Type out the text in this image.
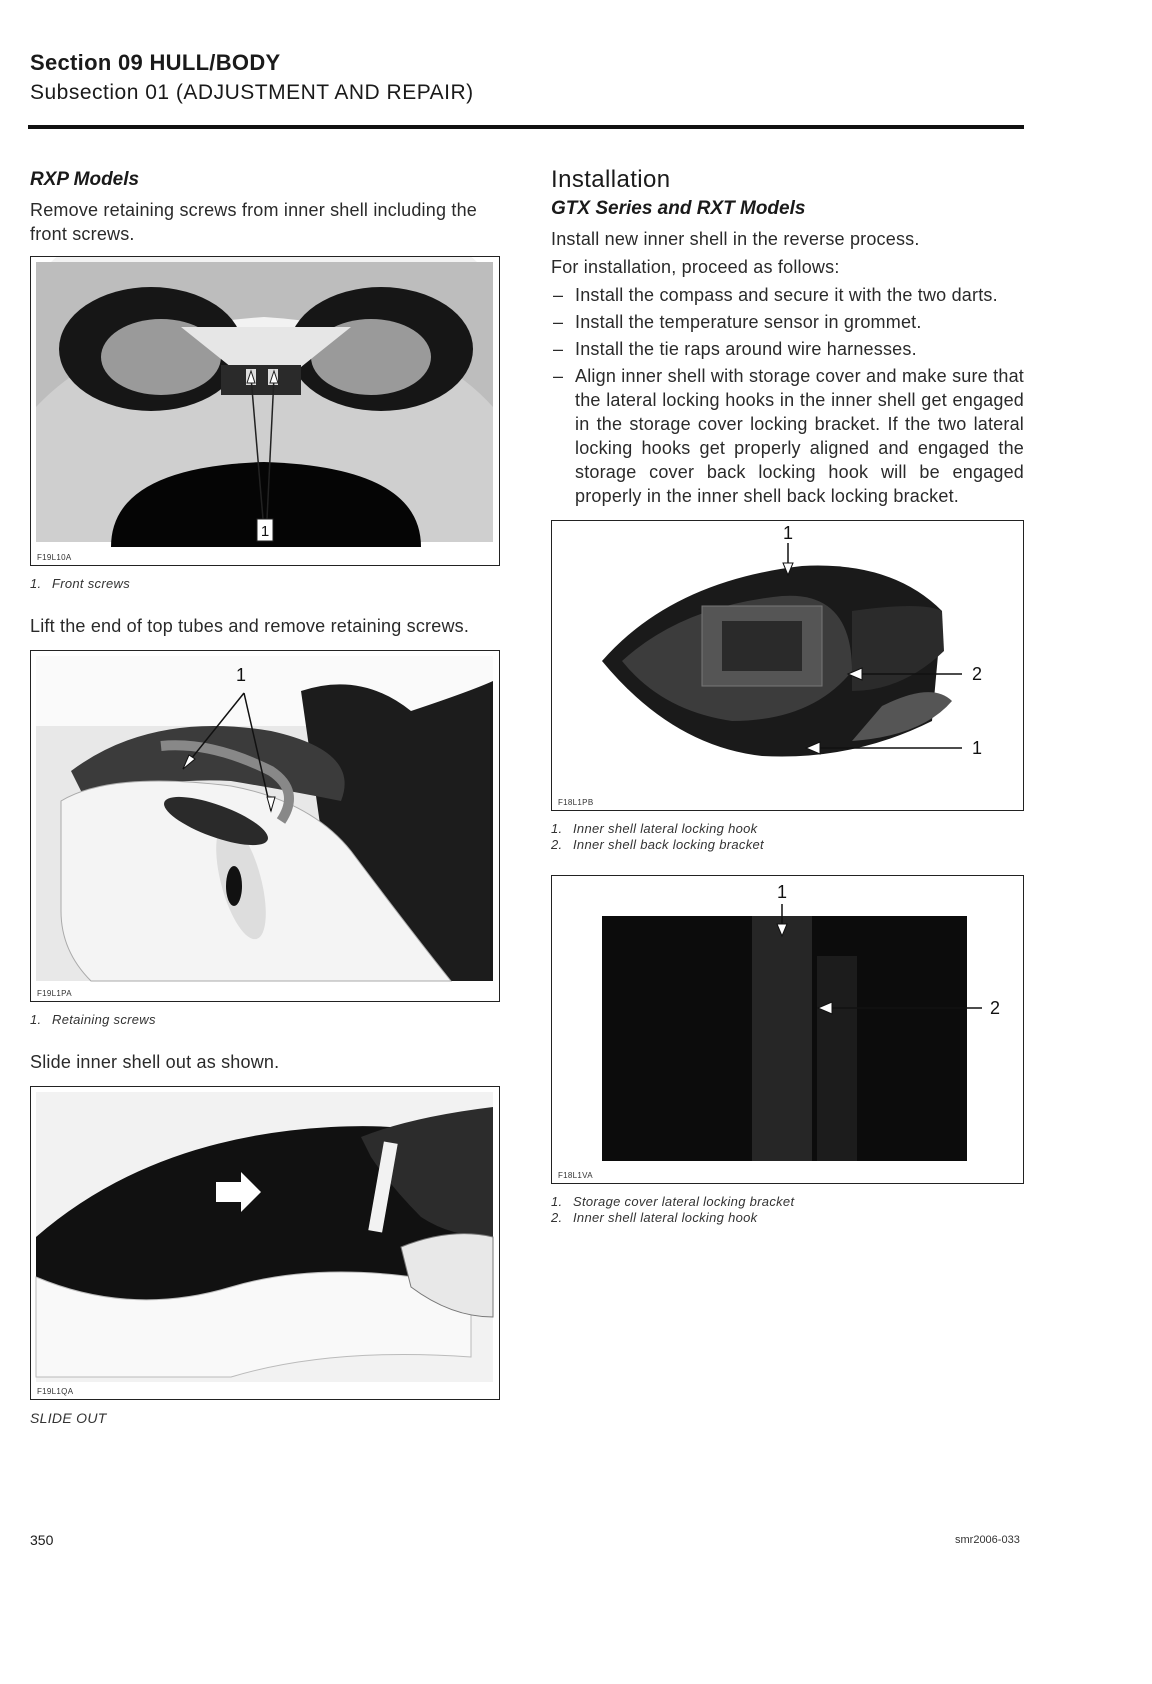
Section 09 HULL/BODY
Subsection 01 (ADJUSTMENT AND REPAIR)

RXP Models

Remove retaining screws from inner shell including the front screws.

1
F19L10A
1. Front screws

Lift the end of top tubes and remove retaining screws.

1
F19L1PA
1. Retaining screws

Slide inner shell out as shown.

F19L1QA

SLIDE OUT

Installation

GTX Series and RXT Models

Install new inner shell in the reverse process.

For installation, proceed as follows:

– Install the compass and secure it with the two darts.
– Install the temperature sensor in grommet.
– Install the tie raps around wire harnesses.
– Align inner shell with storage cover and make sure that the lateral locking hooks in the inner shell get engaged in the storage cover locking bracket. If the two lateral locking hooks get properly aligned and engaged the storage cover back locking hook will be engaged properly in the inner shell back locking bracket.
1
2
1
F18L1PB
1. Inner shell lateral locking hook
2. Inner shell back locking bracket
1
2
F18L1VA
1. Storage cover lateral locking bracket
2. Inner shell lateral locking hook
350	smr2006-033
